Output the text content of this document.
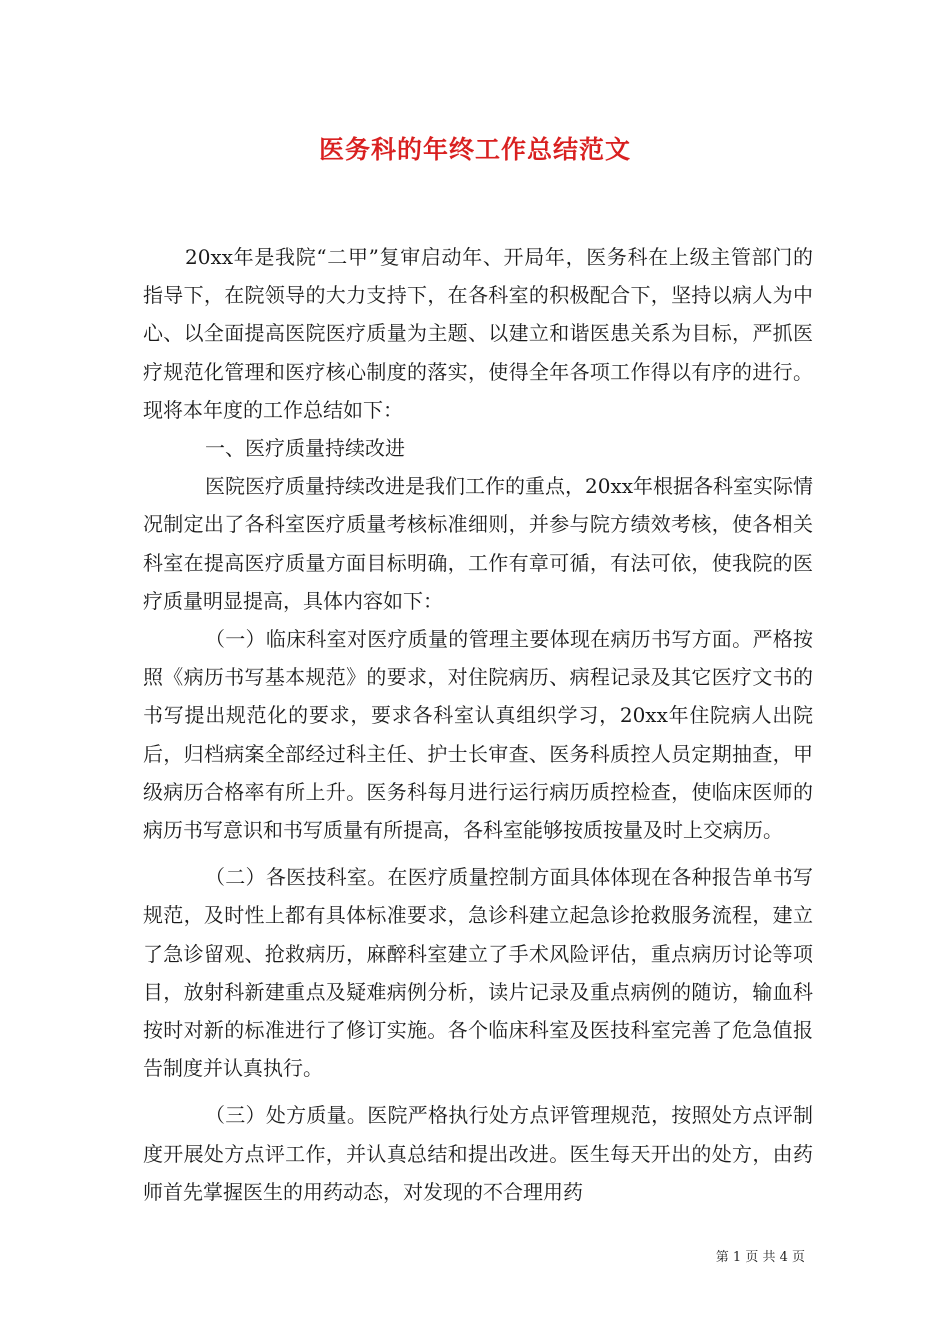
医务科的年终工作总结范文

20xx年是我院“二甲”复审启动年、开局年，医务科在上级主管部门的指导下，在院领导的大力支持下，在各科室的积极配合下，坚持以病人为中心、以全面提高医院医疗质量为主题、以建立和谐医患关系为目标，严抓医疗规范化管理和医疗核心制度的落实，使得全年各项工作得以有序的进行。现将本年度的工作总结如下：

一、医疗质量持续改进

医院医疗质量持续改进是我们工作的重点，20xx年根据各科室实际情况制定出了各科室医疗质量考核标准细则，并参与院方绩效考核，使各相关科室在提高医疗质量方面目标明确，工作有章可循，有法可依，使我院的医疗质量明显提高，具体内容如下：

（一）临床科室对医疗质量的管理主要体现在病历书写方面。严格按照《病历书写基本规范》的要求，对住院病历、病程记录及其它医疗文书的书写提出规范化的要求，要求各科室认真组织学习，20xx年住院病人出院后，归档病案全部经过科主任、护士长审查、医务科质控人员定期抽查，甲级病历合格率有所上升。医务科每月进行运行病历质控检查，使临床医师的病历书写意识和书写质量有所提高，各科室能够按质按量及时上交病历。

（二）各医技科室。在医疗质量控制方面具体体现在各种报告单书写规范，及时性上都有具体标准要求，急诊科建立起急诊抢救服务流程，建立了急诊留观、抢救病历，麻醉科室建立了手术风险评估，重点病历讨论等项目，放射科新建重点及疑难病例分析，读片记录及重点病例的随访，输血科按时对新的标准进行了修订实施。各个临床科室及医技科室完善了危急值报告制度并认真执行。

（三）处方质量。医院严格执行处方点评管理规范，按照处方点评制度开展处方点评工作，并认真总结和提出改进。医生每天开出的处方，由药师首先掌握医生的用药动态，对发现的不合理用药

第 1 页 共 4 页
